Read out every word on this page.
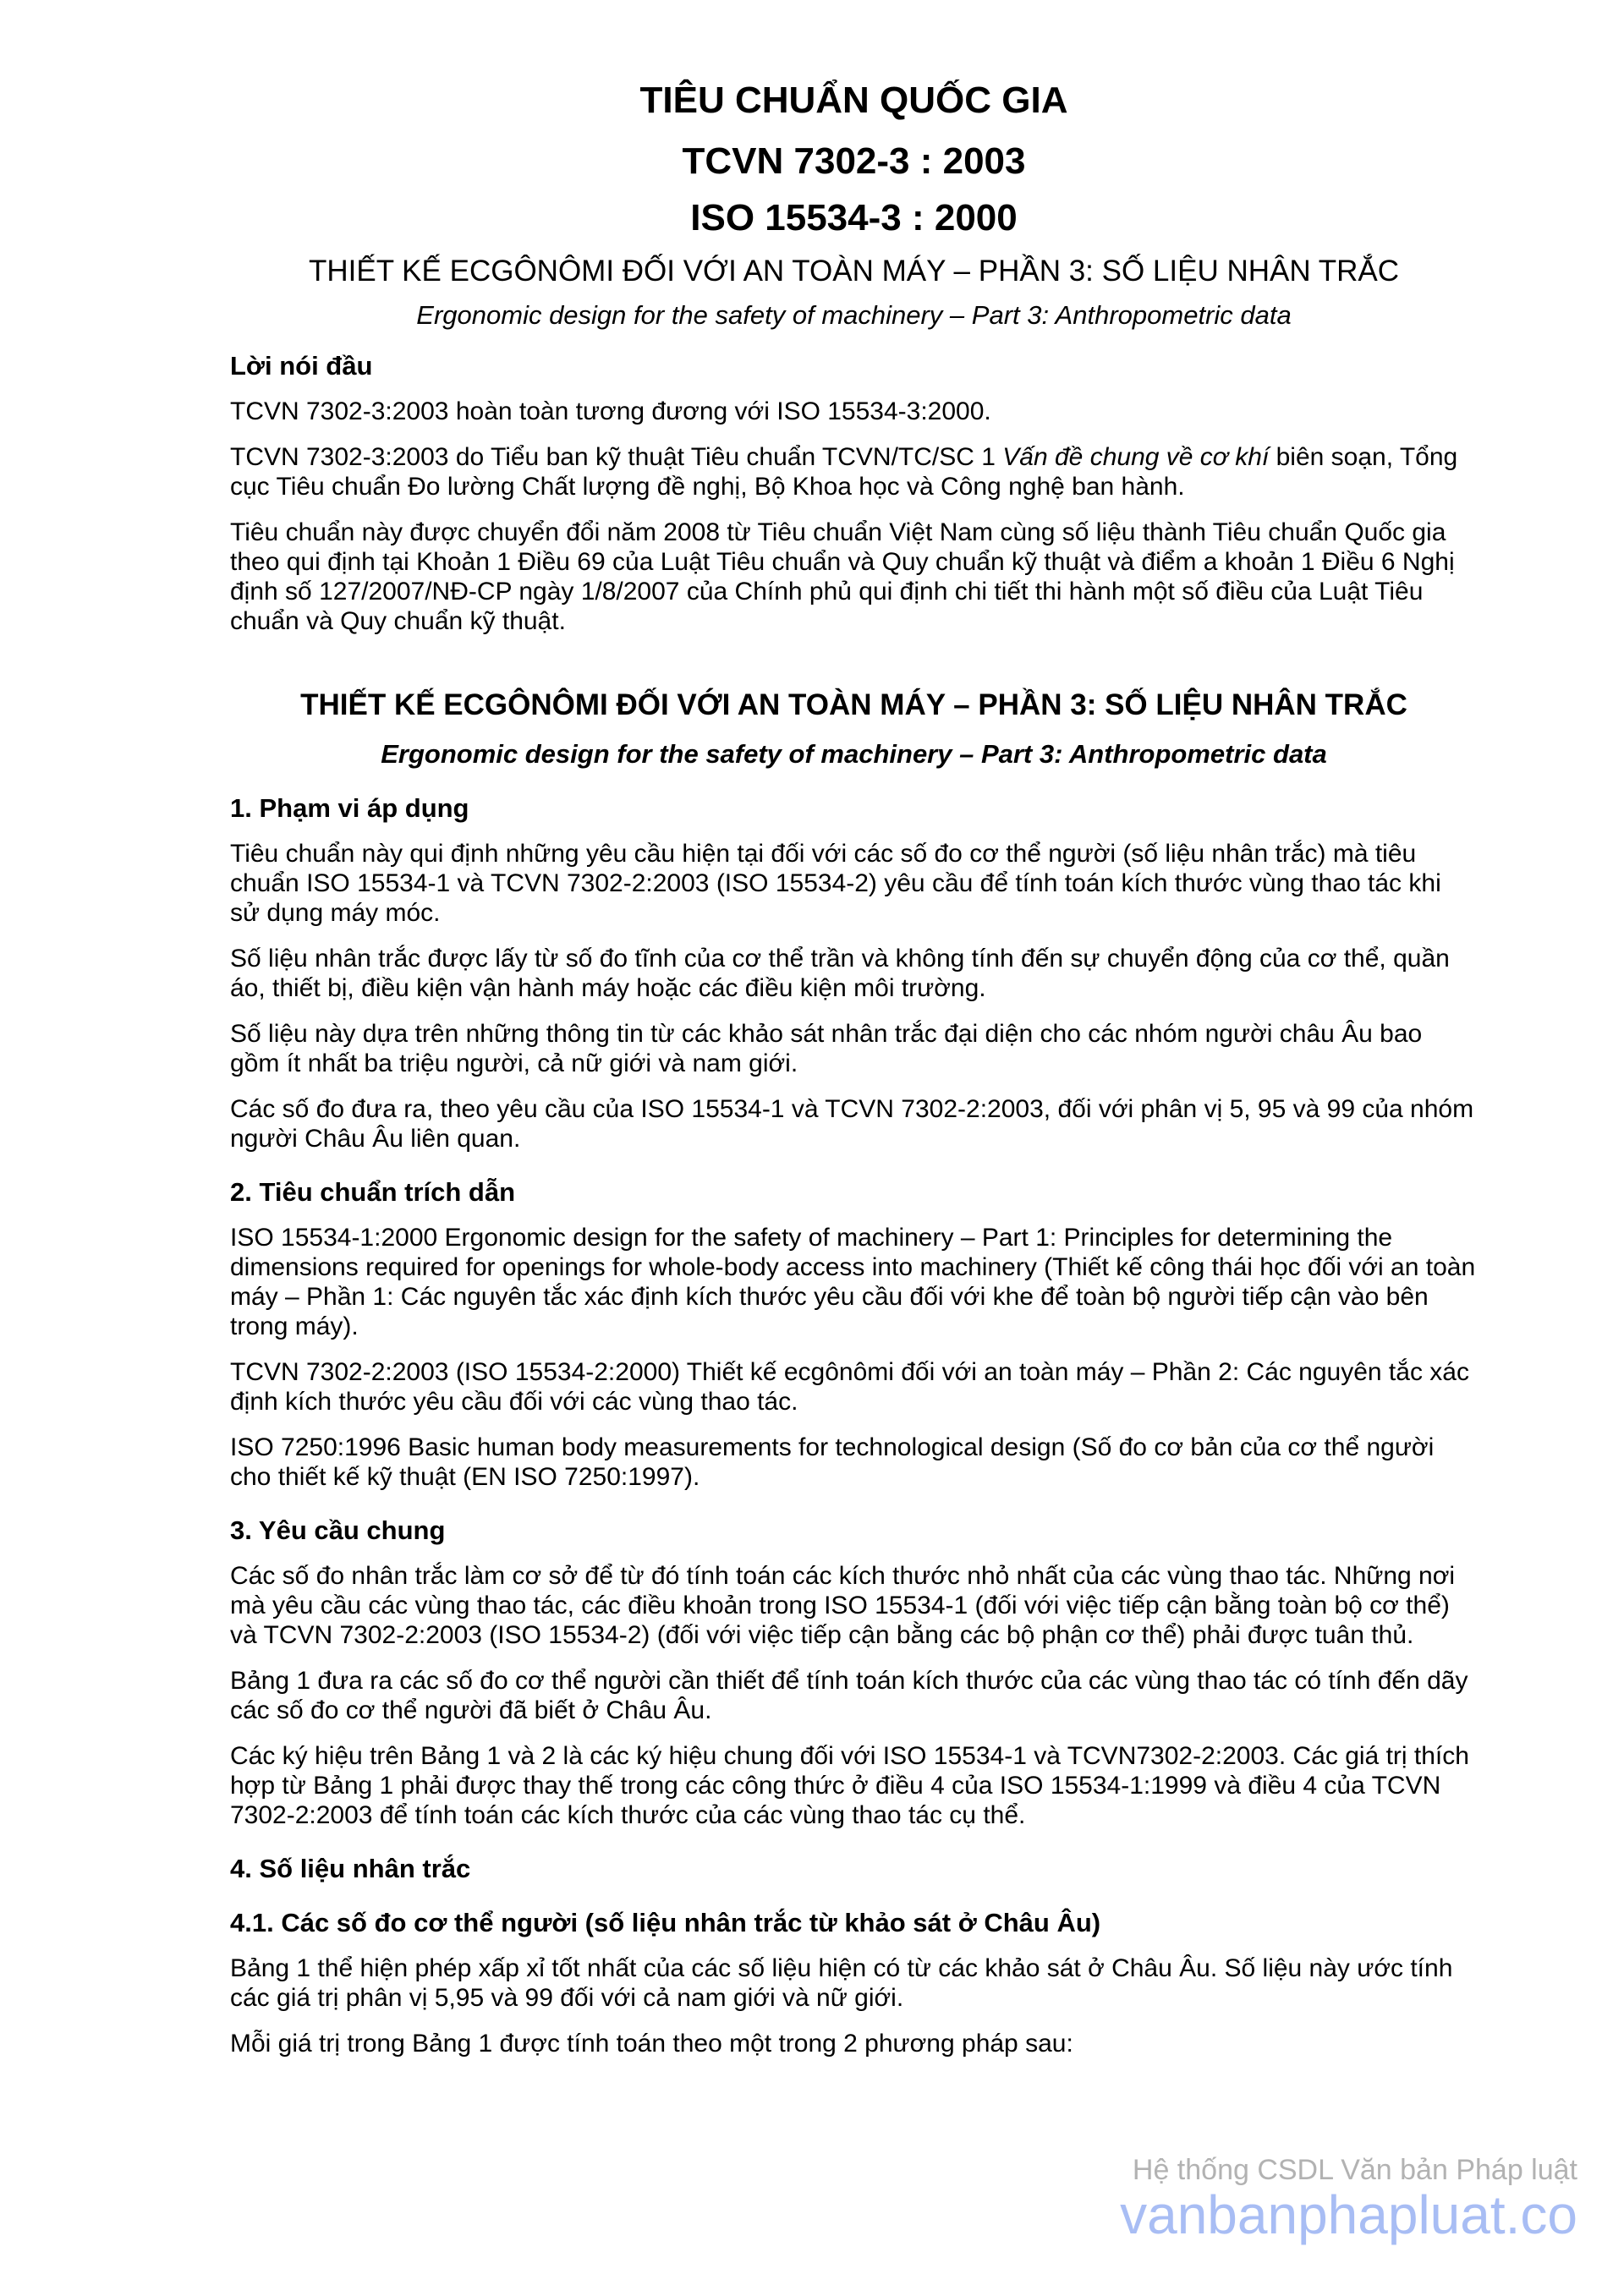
TIÊU CHUẨN QUỐC GIA
TCVN 7302-3 : 2003
ISO 15534-3 : 2000
THIẾT KẾ ECGÔNÔMI ĐỐI VỚI AN TOÀN MÁY – PHẦN 3: SỐ LIỆU NHÂN TRẮC
Ergonomic design for the safety of machinery – Part 3: Anthropometric data
Lời nói đầu

TCVN 7302-3:2003 hoàn toàn tương đương với ISO 15534-3:2000.

TCVN 7302-3:2003 do Tiểu ban kỹ thuật Tiêu chuẩn TCVN/TC/SC 1 Vấn đề chung về cơ khí biên soạn, Tổng cục Tiêu chuẩn Đo lường Chất lượng đề nghị, Bộ Khoa học và Công nghệ ban hành.

Tiêu chuẩn này được chuyển đổi năm 2008 từ Tiêu chuẩn Việt Nam cùng số liệu thành Tiêu chuẩn Quốc gia theo qui định tại Khoản 1 Điều 69 của Luật Tiêu chuẩn và Quy chuẩn kỹ thuật và điểm a khoản 1 Điều 6 Nghị định số 127/2007/NĐ-CP ngày 1/8/2007 của Chính phủ qui định chi tiết thi hành một số điều của Luật Tiêu chuẩn và Quy chuẩn kỹ thuật.

THIẾT KẾ ECGÔNÔMI ĐỐI VỚI AN TOÀN MÁY – PHẦN 3: SỐ LIỆU NHÂN TRẮC
Ergonomic design for the safety of machinery – Part 3: Anthropometric data
1. Phạm vi áp dụng

Tiêu chuẩn này qui định những yêu cầu hiện tại đối với các số đo cơ thể người (số liệu nhân trắc) mà tiêu chuẩn ISO 15534-1 và TCVN 7302-2:2003 (ISO 15534-2) yêu cầu để tính toán kích thước vùng thao tác khi sử dụng máy móc.

Số liệu nhân trắc được lấy từ số đo tĩnh của cơ thể trần và không tính đến sự chuyển động của cơ thể, quần áo, thiết bị, điều kiện vận hành máy hoặc các điều kiện môi trường.

Số liệu này dựa trên những thông tin từ các khảo sát nhân trắc đại diện cho các nhóm người châu Âu bao gồm ít nhất ba triệu người, cả nữ giới và nam giới.

Các số đo đưa ra, theo yêu cầu của ISO 15534-1 và TCVN 7302-2:2003, đối với phân vị 5, 95 và 99 của nhóm người Châu Âu liên quan.

2. Tiêu chuẩn trích dẫn

ISO 15534-1:2000 Ergonomic design for the safety of machinery – Part 1: Principles for determining the dimensions required for openings for whole-body access into machinery (Thiết kế công thái học đối với an toàn máy – Phần 1: Các nguyên tắc xác định kích thước yêu cầu đối với khe để toàn bộ người tiếp cận vào bên trong máy).

TCVN 7302-2:2003 (ISO 15534-2:2000) Thiết kế ecgônômi đối với an toàn máy – Phần 2: Các nguyên tắc xác định kích thước yêu cầu đối với các vùng thao tác.

ISO 7250:1996 Basic human body measurements for technological design (Số đo cơ bản của cơ thể người cho thiết kế kỹ thuật (EN ISO 7250:1997).

3. Yêu cầu chung

Các số đo nhân trắc làm cơ sở để từ đó tính toán các kích thước nhỏ nhất của các vùng thao tác. Những nơi mà yêu cầu các vùng thao tác, các điều khoản trong ISO 15534-1 (đối với việc tiếp cận bằng toàn bộ cơ thể) và TCVN 7302-2:2003 (ISO 15534-2) (đối với việc tiếp cận bằng các bộ phận cơ thể) phải được tuân thủ.

Bảng 1 đưa ra các số đo cơ thể người cần thiết để tính toán kích thước của các vùng thao tác có tính đến dãy các số đo cơ thể người đã biết ở Châu Âu.

Các ký hiệu trên Bảng 1 và 2 là các ký hiệu chung đối với ISO 15534-1 và TCVN7302-2:2003. Các giá trị thích hợp từ Bảng 1 phải được thay thế trong các công thức ở điều 4 của ISO 15534-1:1999 và điều 4 của TCVN 7302-2:2003 để tính toán các kích thước của các vùng thao tác cụ thể.

4. Số liệu nhân trắc
4.1. Các số đo cơ thể người (số liệu nhân trắc từ khảo sát ở Châu Âu)

Bảng 1 thể hiện phép xấp xỉ tốt nhất của các số liệu hiện có từ các khảo sát ở Châu Âu. Số liệu này ước tính các giá trị phân vị 5,95 và 99 đối với cả nam giới và nữ giới.

Mỗi giá trị trong Bảng 1 được tính toán theo một trong 2 phương pháp sau:

Hệ thống CSDL Văn bản Pháp luật
vanbanphapluat.co
